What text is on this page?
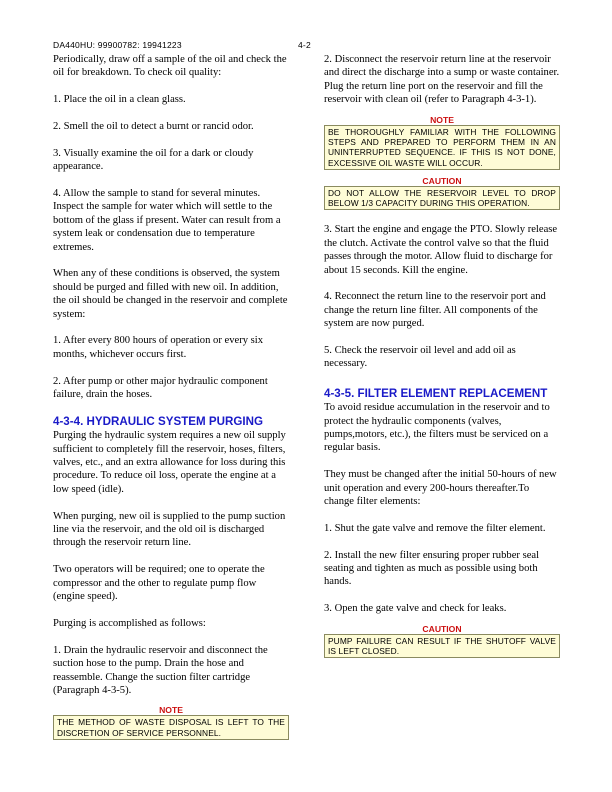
DA440HU: 99900782: 19941223	4-2

Periodically, draw off a sample of the oil and check the oil for breakdown. To check oil quality:

1. Place the oil in a clean glass.

2. Smell the oil to detect a burnt or rancid odor.

3. Visually examine the oil for a dark or cloudy appearance.

4. Allow the sample to stand for several minutes. Inspect the sample for water which will settle to the bottom of the glass if present. Water can result from a system leak or condensation due to temperature extremes.

When any of these conditions is observed, the system should be purged and filled with new oil. In addition, the oil should be changed in the reservoir and complete system:

1. After every 800 hours of operation or every six months, whichever occurs first.

2. After pump or other major hydraulic component failure, drain the hoses.

4-3-4. HYDRAULIC SYSTEM PURGING

Purging the hydraulic system requires a new oil supply sufficient to completely fill the reservoir, hoses, filters, valves, etc., and an extra allowance for loss during this procedure. To reduce oil loss, operate the engine at a low speed (idle).

When purging, new oil is supplied to the pump suction line via the reservoir, and the old oil is discharged through the reservoir return line.

Two operators will be required; one to operate the compressor and the other to regulate pump flow (engine speed).

Purging is accomplished as follows:

1. Drain the hydraulic reservoir and disconnect the suction hose to the pump. Drain the hose and reassemble. Change the suction filter cartridge (Paragraph 4-3-5).

NOTE
THE METHOD OF WASTE DISPOSAL IS LEFT TO THE DISCRETION OF SERVICE PERSONNEL.

2. Disconnect the reservoir return line at the reservoir and direct the discharge into a sump or waste container. Plug the return line port on the reservoir and fill the reservoir with clean oil (refer to Paragraph 4-3-1).

NOTE
BE THOROUGHLY FAMILIAR WITH THE FOLLOWING STEPS AND PREPARED TO PERFORM THEM IN AN UNINTERRUPTED SEQUENCE. IF THIS IS NOT DONE, EXCESSIVE OIL WASTE WILL OCCUR.
CAUTION
DO NOT ALLOW THE RESERVOIR LEVEL TO DROP BELOW 1/3 CAPACITY DURING THIS OPERATION.

3. Start the engine and engage the PTO. Slowly release the clutch. Activate the control valve so that the fluid passes through the motor. Allow fluid to discharge for about 15 seconds. Kill the engine.

4. Reconnect the return line to the reservoir port and change the return line filter. All components of the system are now purged.

5. Check the reservoir oil level and add oil as necessary.

4-3-5. FILTER ELEMENT REPLACEMENT

To avoid residue accumulation in the reservoir and to protect the hydraulic components (valves, pumps,motors, etc.), the filters must be serviced on a regular basis.

They must be changed after the initial 50-hours of new unit operation and every 200-hours thereafter.To change filter elements:

1. Shut the gate valve and remove the filter element.

2. Install the new filter ensuring proper rubber seal seating and tighten as much as possible using both hands.

3. Open the gate valve and check for leaks.

CAUTION
PUMP FAILURE CAN RESULT IF THE SHUTOFF VALVE IS LEFT CLOSED.
